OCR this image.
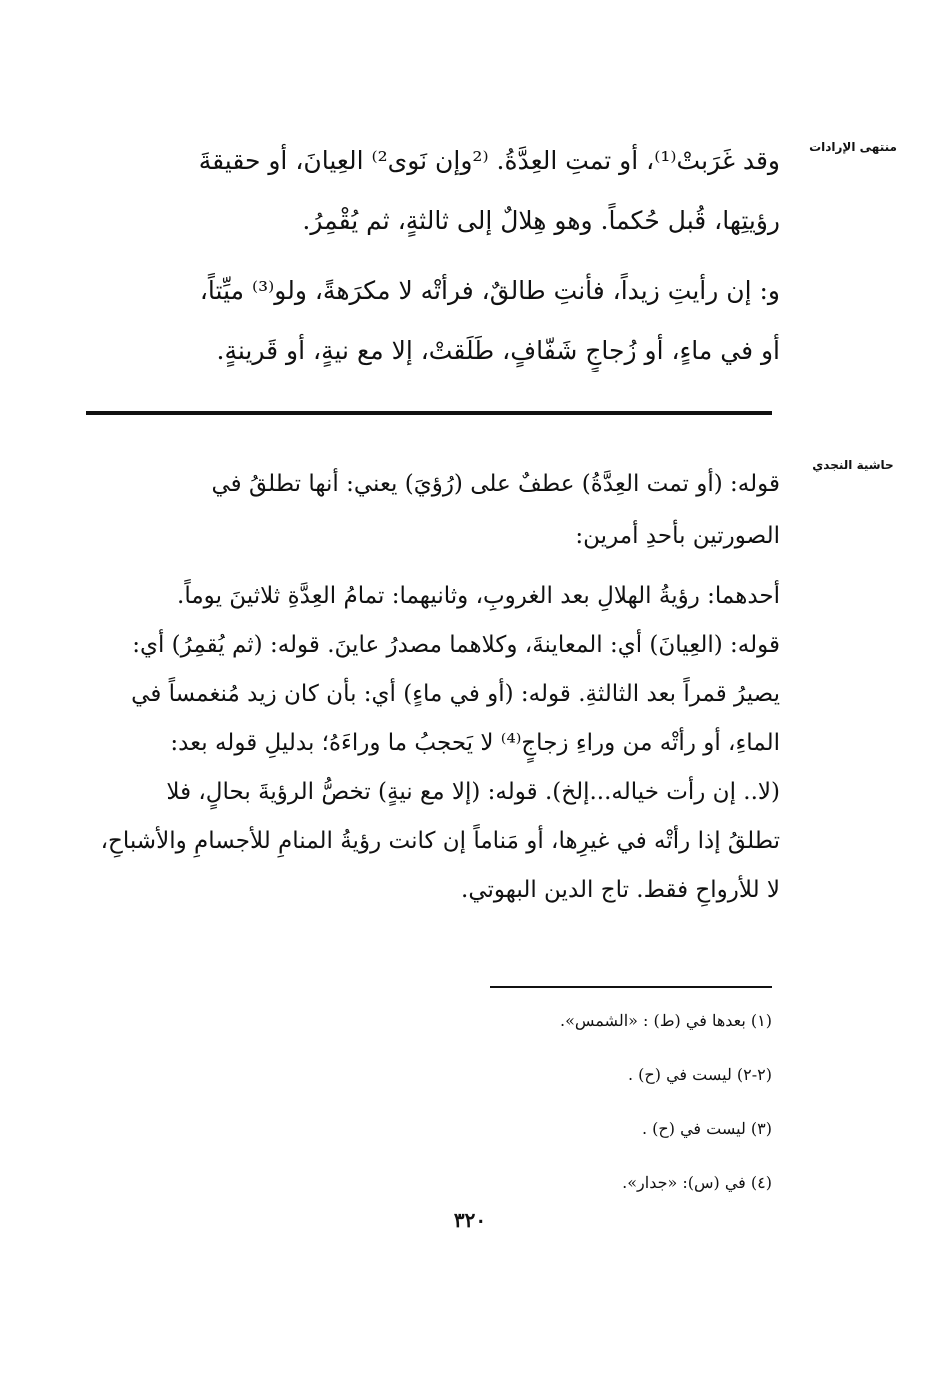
منتهى الإرادات
وقد غَرَبتْ⁽¹⁾، أو تمتِ العِدَّةُ. ⁽²وإن نَوى²⁾ العِيانَ، أو حقيقةَ
رؤيتِها، قُبل حُكماً. وهو هِلالٌ إلى ثالثةٍ، ثم يُقْمِرُ.
و: إن رأيتِ زيداً، فأنتِ طالقٌ، فرأتْه لا مكرَهةً، ولو⁽³⁾ ميِّتاً،
أو في ماءٍ، أو زُجاجٍ شَفّافٍ، طَلَقتْ، إلا مع نيةٍ، أو قَرينةٍ.
حاشية النجدي
قوله: (أو تمت العِدَّةُ) عطفٌ على (رُؤيَ) يعني: أنها تطلقُ في
الصورتين بأحدِ أمرين:
أحدهما: رؤيةُ الهلالِ بعد الغروبِ، وثانيهما: تمامُ العِدَّةِ ثلاثينَ يوماً.
قوله: (العِيانَ) أي: المعاينةَ، وكلاهما مصدرُ عاينَ. قوله: (ثم يُقمِرُ) أي:
يصيرُ قمراً بعد الثالثةِ. قوله: (أو في ماءٍ) أي: بأن كان زيد مُنغمساً في
الماءِ، أو رأتْه من وراءِ زجاجٍ⁽⁴⁾ لا يَحجبُ ما وراءَهُ؛ بدليلِ قوله بعد:
(لا.. إن رأت خياله...إلخ). قوله: (إلا مع نيةٍ) تخصُّ الرؤيةَ بحالٍ، فلا
تطلقُ إذا رأتْه في غيرِها، أو مَناماً إن كانت رؤيةُ المنامِ للأجسامِ والأشباحِ،
لا للأرواحِ فقط. تاج الدين البهوتي.
(١) بعدها في (ط) : «الشمس».
(٢-٢) ليست في (ح) .
(٣) ليست في (ح) .
(٤) في (س): «جدار».
٣٢٠
